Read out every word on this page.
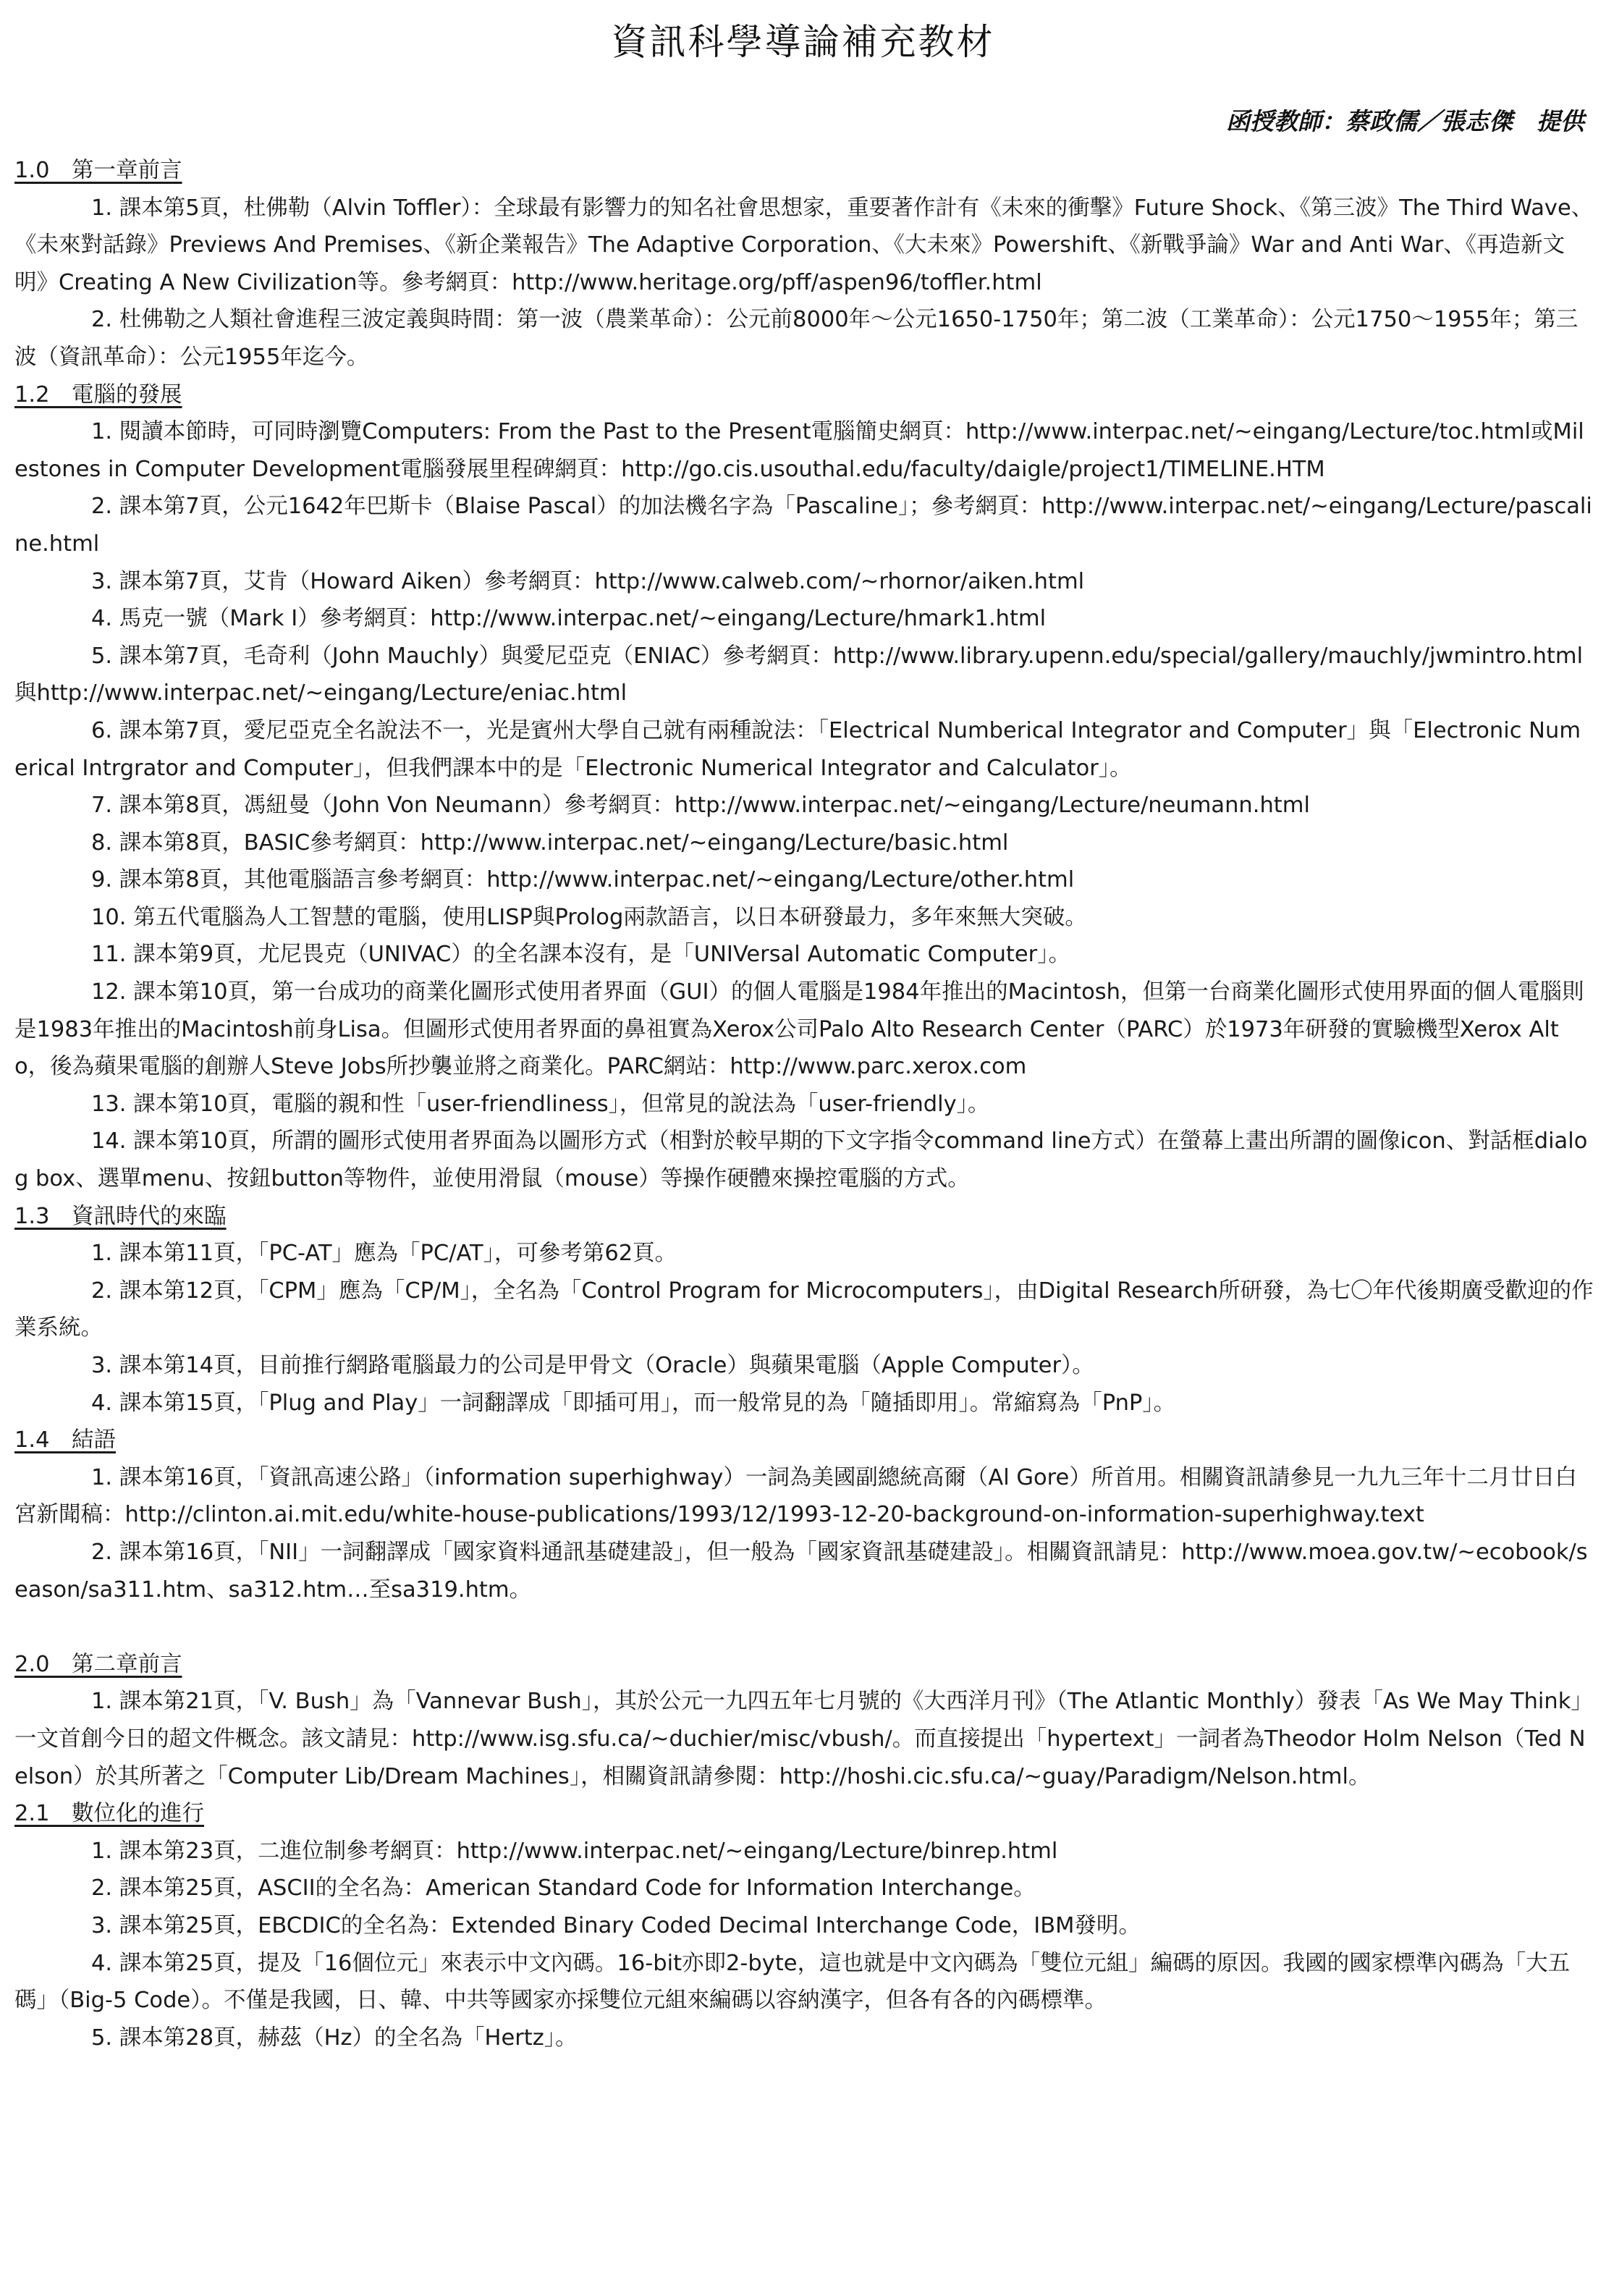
資訊科學導論補充教材
函授教師：蔡政儒／張志傑　提供
1.0　第一章前言
1. 課本第5頁，杜佛勒（Alvin Toffler）：全球最有影響力的知名社會思想家，重要著作計有《未來的衝擊》Future Shock、《第三波》The Third Wave、《未來對話錄》Previews And Premises、《新企業報告》The Adaptive Corporation、《大未來》Powershift、《新戰爭論》War and Anti War、《再造新文明》Creating A New Civilization等。參考網頁：http://www.heritage.org/pff/aspen96/toffler.html
2. 杜佛勒之人類社會進程三波定義與時間：第一波（農業革命）：公元前8000年～公元1650-1750年；第二波（工業革命）：公元1750～1955年；第三波（資訊革命）：公元1955年迄今。
1.2　電腦的發展
1. 閱讀本節時，可同時瀏覽Computers: From the Past to the Present電腦簡史網頁：http://www.interpac.net/~eingang/Lecture/toc.html或Milestones in Computer Development電腦發展里程碑網頁：http://go.cis.usouthal.edu/faculty/daigle/project1/TIMELINE.HTM
2. 課本第7頁，公元1642年巴斯卡（Blaise Pascal）的加法機名字為「Pascaline」；參考網頁：http://www.interpac.net/~eingang/Lecture/pascaline.html
3. 課本第7頁，艾肯（Howard Aiken）參考網頁：http://www.calweb.com/~rhornor/aiken.html
4. 馬克一號（Mark I）參考網頁：http://www.interpac.net/~eingang/Lecture/hmark1.html
5. 課本第7頁，毛奇利（John Mauchly）與愛尼亞克（ENIAC）參考網頁：http://www.library.upenn.edu/special/gallery/mauchly/jwmintro.html與http://www.interpac.net/~eingang/Lecture/eniac.html
6. 課本第7頁，愛尼亞克全名說法不一，光是賓州大學自己就有兩種說法：「Electrical Numberical Integrator and Computer」與「Electronic Numerical Intrgrator and Computer」，但我們課本中的是「Electronic Numerical Integrator and Calculator」。
7. 課本第8頁，馮紐曼（John Von Neumann）參考網頁：http://www.interpac.net/~eingang/Lecture/neumann.html
8. 課本第8頁，BASIC參考網頁：http://www.interpac.net/~eingang/Lecture/basic.html
9. 課本第8頁，其他電腦語言參考網頁：http://www.interpac.net/~eingang/Lecture/other.html
10. 第五代電腦為人工智慧的電腦，使用LISP與Prolog兩款語言，以日本研發最力，多年來無大突破。
11. 課本第9頁，尤尼畏克（UNIVAC）的全名課本沒有，是「UNIVersal Automatic Computer」。
12. 課本第10頁，第一台成功的商業化圖形式使用者界面（GUI）的個人電腦是1984年推出的Macintosh，但第一台商業化圖形式使用界面的個人電腦則是1983年推出的Macintosh前身Lisa。但圖形式使用者界面的鼻祖實為Xerox公司Palo Alto Research Center（PARC）於1973年研發的實驗機型Xerox Alto，後為蘋果電腦的創辦人Steve Jobs所抄襲並將之商業化。PARC網站：http://www.parc.xerox.com
13. 課本第10頁，電腦的親和性「user-friendliness」，但常見的說法為「user-friendly」。
14. 課本第10頁，所謂的圖形式使用者界面為以圖形方式（相對於較早期的下文字指令command line方式）在螢幕上畫出所謂的圖像icon、對話框dialog box、選單menu、按鈕button等物件，並使用滑鼠（mouse）等操作硬體來操控電腦的方式。
1.3　資訊時代的來臨
1. 課本第11頁，「PC-AT」應為「PC/AT」，可參考第62頁。
2. 課本第12頁，「CPM」應為「CP/M」，全名為「Control Program for Microcomputers」，由Digital Research所研發，為七〇年代後期廣受歡迎的作業系統。
3. 課本第14頁，目前推行網路電腦最力的公司是甲骨文（Oracle）與蘋果電腦（Apple Computer）。
4. 課本第15頁，「Plug and Play」一詞翻譯成「即插可用」，而一般常見的為「隨插即用」。常縮寫為「PnP」。
1.4　結語
1. 課本第16頁，「資訊高速公路」（information superhighway）一詞為美國副總統高爾（Al Gore）所首用。相關資訊請參見一九九三年十二月廿日白宮新聞稿：http://clinton.ai.mit.edu/white-house-publications/1993/12/1993-12-20-background-on-information-superhighway.text
2. 課本第16頁，「NII」一詞翻譯成「國家資料通訊基礎建設」，但一般為「國家資訊基礎建設」。相關資訊請見：http://www.moea.gov.tw/~ecobook/season/sa311.htm、sa312.htm…至sa319.htm。
2.0　第二章前言
1. 課本第21頁，「V. Bush」為「Vannevar Bush」，其於公元一九四五年七月號的《大西洋月刊》（The Atlantic Monthly）發表「As We May Think」一文首創今日的超文件概念。該文請見：http://www.isg.sfu.ca/~duchier/misc/vbush/。而直接提出「hypertext」一詞者為Theodor Holm Nelson（Ted Nelson）於其所著之「Computer Lib/Dream Machines」，相關資訊請參閱：http://hoshi.cic.sfu.ca/~guay/Paradigm/Nelson.html。
2.1　數位化的進行
1. 課本第23頁，二進位制參考網頁：http://www.interpac.net/~eingang/Lecture/binrep.html
2. 課本第25頁，ASCII的全名為：American Standard Code for Information Interchange。
3. 課本第25頁，EBCDIC的全名為：Extended Binary Coded Decimal Interchange Code，IBM發明。
4. 課本第25頁，提及「16個位元」來表示中文內碼。16-bit亦即2-byte，這也就是中文內碼為「雙位元組」編碼的原因。我國的國家標準內碼為「大五碼」（Big-5 Code）。不僅是我國，日、韓、中共等國家亦採雙位元組來編碼以容納漢字，但各有各的內碼標準。
5. 課本第28頁，赫茲（Hz）的全名為「Hertz」。
